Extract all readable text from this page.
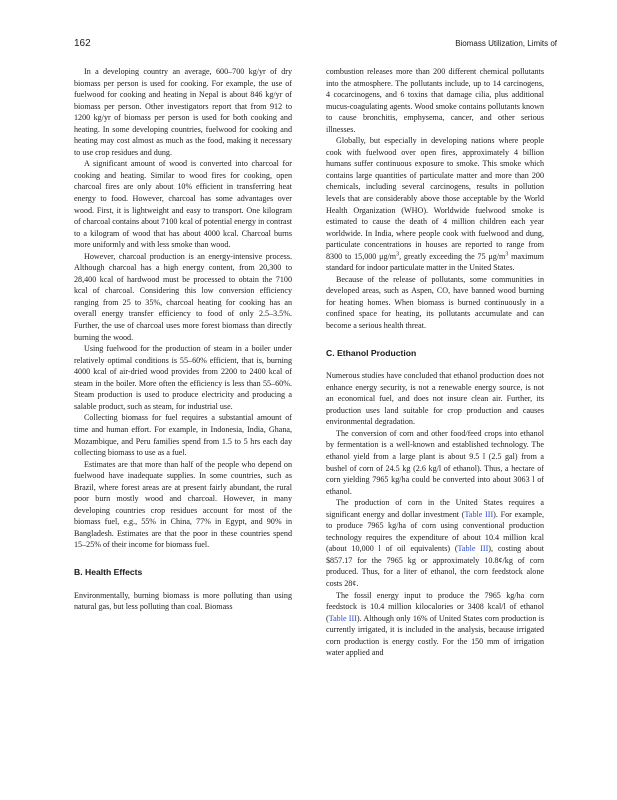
162	Biomass Utilization, Limits of

In a developing country an average, 600–700 kg/yr of dry biomass per person is used for cooking. For example, the use of fuelwood for cooking and heating in Nepal is about 846 kg/yr of biomass per person. Other investigators report that from 912 to 1200 kg/yr of biomass per person is used for both cooking and heating. In some developing countries, fuelwood for cooking and heating may cost almost as much as the food, making it necessary to use crop residues and dung.

A significant amount of wood is converted into charcoal for cooking and heating. Similar to wood fires for cooking, open charcoal fires are only about 10% efficient in transferring heat energy to food. However, charcoal has some advantages over wood. First, it is lightweight and easy to transport. One kilogram of charcoal contains about 7100 kcal of potential energy in contrast to a kilogram of wood that has about 4000 kcal. Charcoal burns more uniformly and with less smoke than wood.

However, charcoal production is an energy-intensive process. Although charcoal has a high energy content, from 20,300 to 28,400 kcal of hardwood must be processed to obtain the 7100 kcal of charcoal. Considering this low conversion efficiency ranging from 25 to 35%, charcoal heating for cooking has an overall energy transfer efficiency to food of only 2.5–3.5%. Further, the use of charcoal uses more forest biomass than directly burning the wood.

Using fuelwood for the production of steam in a boiler under relatively optimal conditions is 55–60% efficient, that is, burning 4000 kcal of air-dried wood provides from 2200 to 2400 kcal of steam in the boiler. More often the efficiency is less than 55–60%. Steam production is used to produce electricity and producing a salable product, such as steam, for industrial use.

Collecting biomass for fuel requires a substantial amount of time and human effort. For example, in Indonesia, India, Ghana, Mozambique, and Peru families spend from 1.5 to 5 hrs each day collecting biomass to use as a fuel.

Estimates are that more than half of the people who depend on fuelwood have inadequate supplies. In some countries, such as Brazil, where forest areas are at present fairly abundant, the rural poor burn mostly wood and charcoal. However, in many developing countries crop residues account for most of the biomass fuel, e.g., 55% in China, 77% in Egypt, and 90% in Bangladesh. Estimates are that the poor in these countries spend 15–25% of their income for biomass fuel.

B. Health Effects

Environmentally, burning biomass is more polluting than using natural gas, but less polluting than coal. Biomass

combustion releases more than 200 different chemical pollutants into the atmosphere. The pollutants include, up to 14 carcinogens, 4 cocarcinogens, and 6 toxins that damage cilia, plus additional mucus-coagulating agents. Wood smoke contains pollutants known to cause bronchitis, emphysema, cancer, and other serious illnesses.

Globally, but especially in developing nations where people cook with fuelwood over open fires, approximately 4 billion humans suffer continuous exposure to smoke. This smoke which contains large quantities of particulate matter and more than 200 chemicals, including several carcinogens, results in pollution levels that are considerably above those acceptable by the World Health Organization (WHO). Worldwide fuelwood smoke is estimated to cause the death of 4 million children each year worldwide. In India, where people cook with fuelwood and dung, particulate concentrations in houses are reported to range from 8300 to 15,000 $\mu g/m^3$, greatly exceeding the 75 $\mu g/m^3$ maximum standard for indoor particulate matter in the United States.

Because of the release of pollutants, some communities in developed areas, such as Aspen, CO, have banned wood burning for heating homes. When biomass is burned continuously in a confined space for heating, its pollutants accumulate and can become a serious health threat.

C. Ethanol Production

Numerous studies have concluded that ethanol production does not enhance energy security, is not a renewable energy source, is not an economical fuel, and does not insure clean air. Further, its production uses land suitable for crop production and causes environmental degradation.

The conversion of corn and other food/feed crops into ethanol by fermentation is a well-known and established technology. The ethanol yield from a large plant is about 9.5 l (2.5 gal) from a bushel of corn of 24.5 kg (2.6 kg/l of ethanol). Thus, a hectare of corn yielding 7965 kg/ha could be converted into about 3063 l of ethanol.

The production of corn in the United States requires a significant energy and dollar investment (Table III). For example, to produce 7965 kg/ha of corn using conventional production technology requires the expenditure of about 10.4 million kcal (about 10,000 l of oil equivalents) (Table III), costing about $857.17 for the 7965 kg or approximately 10.8¢/kg of corn produced. Thus, for a liter of ethanol, the corn feedstock alone costs 28¢.

The fossil energy input to produce the 7965 kg/ha corn feedstock is 10.4 million kilocalories or 3408 kcal/l of ethanol (Table III). Although only 16% of United States corn production is currently irrigated, it is included in the analysis, because irrigated corn production is energy costly. For the 150 mm of irrigation water applied and
